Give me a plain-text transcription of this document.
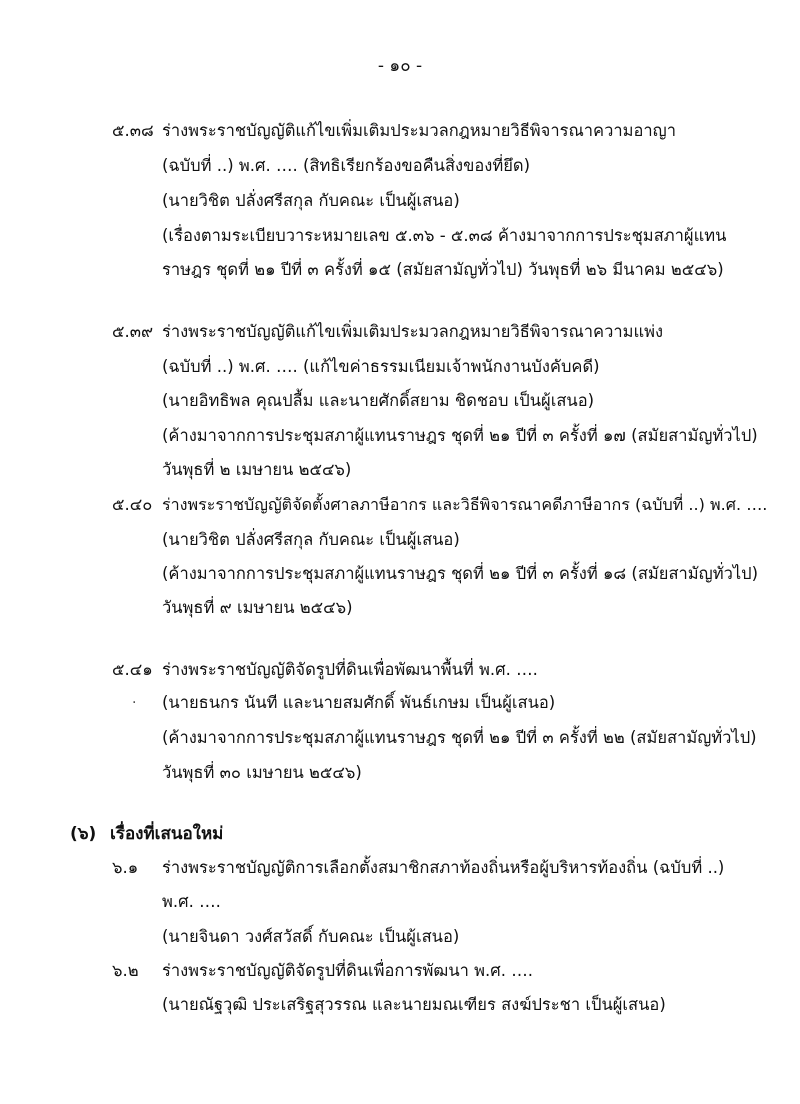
- ๑๐ -
๕.๓๘ ร่างพระราชบัญญัติแก้ไขเพิ่มเติมประมวลกฎหมายวิธีพิจารณาความอาญา
(ฉบับที่ ..) พ.ศ. …. (สิทธิเรียกร้องขอคืนสิ่งของที่ยึด)
(นายวิชิต ปลั่งศรีสกุล กับคณะ เป็นผู้เสนอ)
(เรื่องตามระเบียบวาระหมายเลข ๕.๓๖ - ๕.๓๘ ค้างมาจากการประชุมสภาผู้แทน
ราษฎร ชุดที่ ๒๑ ปีที่ ๓ ครั้งที่ ๑๕ (สมัยสามัญทั่วไป) วันพุธที่ ๒๖ มีนาคม ๒๕๔๖)
๕.๓๙ ร่างพระราชบัญญัติแก้ไขเพิ่มเติมประมวลกฎหมายวิธีพิจารณาความแพ่ง
(ฉบับที่ ..) พ.ศ. …. (แก้ไขค่าธรรมเนียมเจ้าพนักงานบังคับคดี)
(นายอิทธิพล คุณปลื้ม และนายศักดิ์สยาม ชิดชอบ เป็นผู้เสนอ)
(ค้างมาจากการประชุมสภาผู้แทนราษฎร ชุดที่ ๒๑ ปีที่ ๓ ครั้งที่ ๑๗ (สมัยสามัญทั่วไป)
วันพุธที่ ๒ เมษายน ๒๕๔๖)
๕.๔๐ ร่างพระราชบัญญัติจัดตั้งศาลภาษีอากร และวิธีพิจารณาคดีภาษีอากร (ฉบับที่ ..) พ.ศ. ….
(นายวิชิต ปลั่งศรีสกุล กับคณะ เป็นผู้เสนอ)
(ค้างมาจากการประชุมสภาผู้แทนราษฎร ชุดที่ ๒๑ ปีที่ ๓ ครั้งที่ ๑๘ (สมัยสามัญทั่วไป)
วันพุธที่ ๙ เมษายน ๒๕๔๖)
๕.๔๑ ร่างพระราชบัญญัติจัดรูปที่ดินเพื่อพัฒนาพื้นที่ พ.ศ. ….
· (นายธนกร นันที และนายสมศักดิ์ พันธ์เกษม เป็นผู้เสนอ)
(ค้างมาจากการประชุมสภาผู้แทนราษฎร ชุดที่ ๒๑ ปีที่ ๓ ครั้งที่ ๒๒ (สมัยสามัญทั่วไป)
วันพุธที่ ๓๐ เมษายน ๒๕๔๖)
(๖) เรื่องที่เสนอใหม่
๖.๑ ร่างพระราชบัญญัติการเลือกตั้งสมาชิกสภาท้องถิ่นหรือผู้บริหารท้องถิ่น (ฉบับที่ ..)
พ.ศ. ….
(นายจินดา วงศ์สวัสดิ์ กับคณะ เป็นผู้เสนอ)
๖.๒ ร่างพระราชบัญญัติจัดรูปที่ดินเพื่อการพัฒนา พ.ศ. ….
(นายณัฐวุฒิ ประเสริฐสุวรรณ และนายมณเฑียร สงฆ์ประชา เป็นผู้เสนอ)
